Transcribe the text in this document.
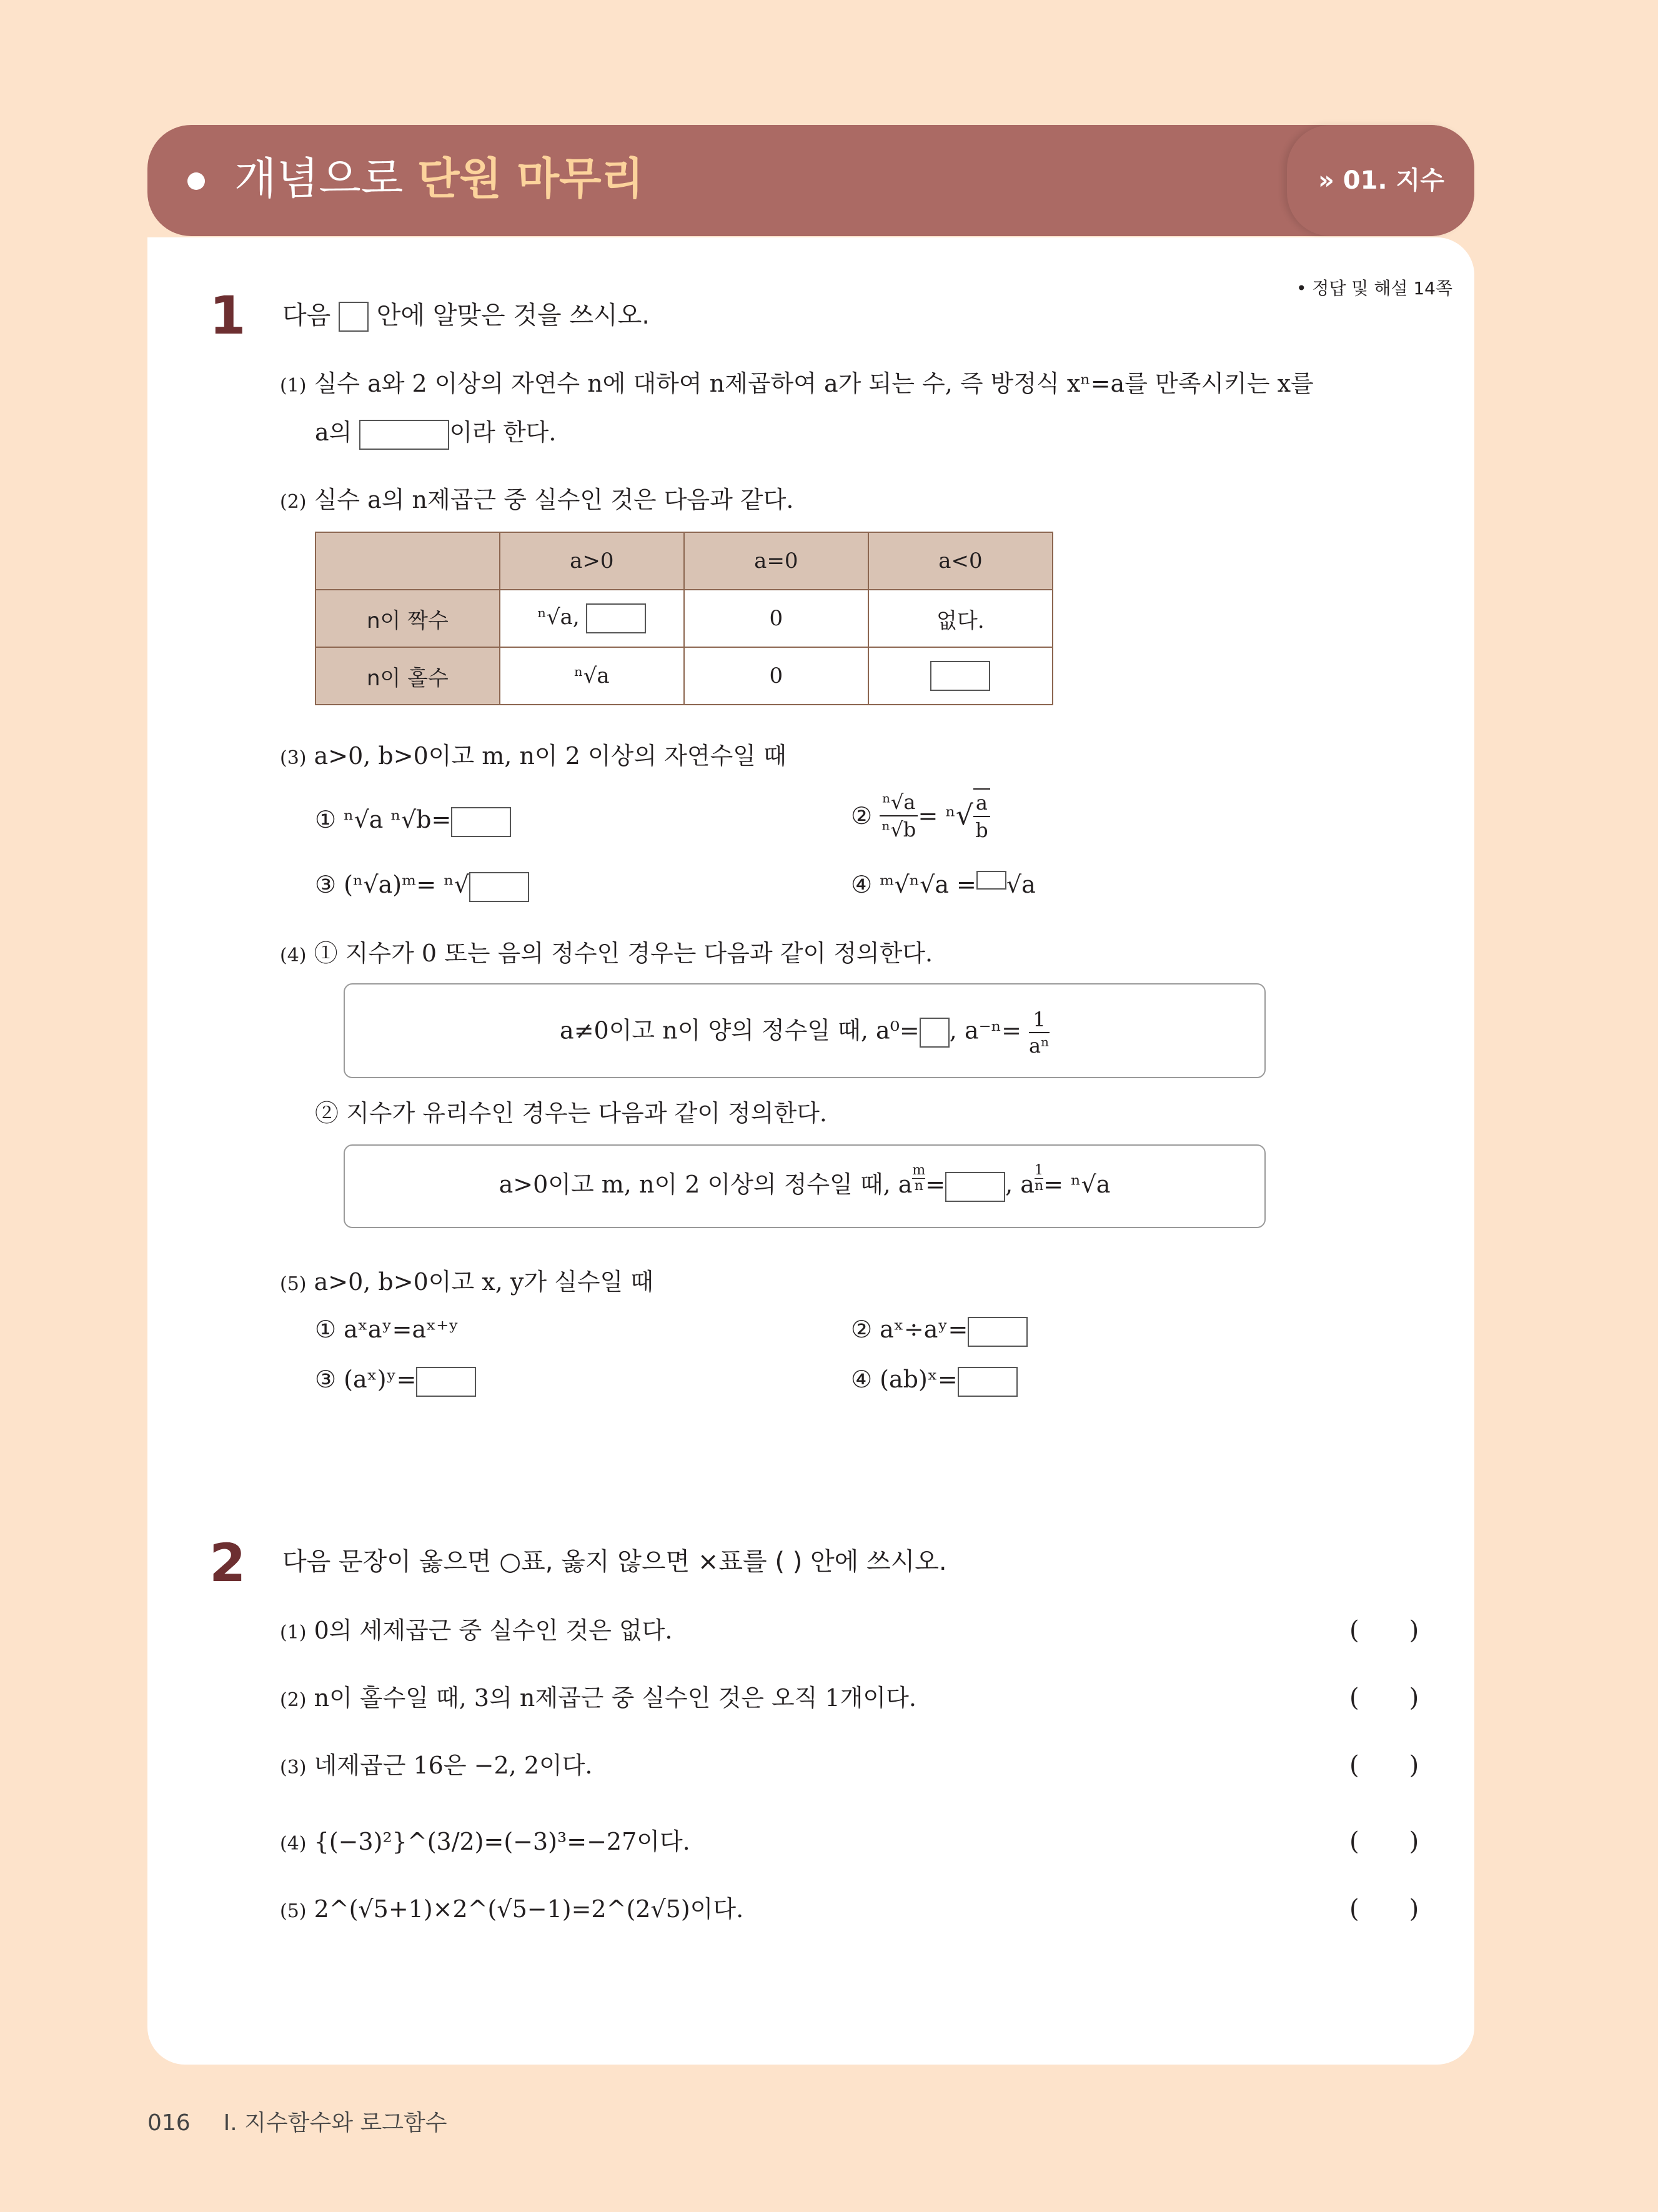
개념으로 단원 마무리	» 01. 지수
• 정답 및 해설 14쪽
1 다음 안에 알맞은 것을 쓰시오.
(1) 실수 a와 2 이상의 자연수 n에 대하여 n제곱하여 a가 되는 수, 즉 방정식 xⁿ=a를 만족시키는 x를
a의	이라 한다.
(2) 실수 a의 n제곱근 중 실수인 것은 다음과 같다.
	a>0	a=0	a<0
n이 짝수	ⁿ√a,	0	없다.
n이 홀수	ⁿ√a	0	
(3) a>0, b>0이고 m, n이 2 이상의 자연수일 때
① ⁿ√a ⁿ√b=	② $\frac{\text{ⁿ√a}}{\text{ⁿ√b}} = ^n√ \frac{a}{b}$
③ (ⁿ√a)ᵐ= ⁿ√	④ ᵐ√ⁿ√a = √a
(4) ① 지수가 0 또는 음의 정수인 경우는 다음과 같이 정의한다.
a≠0이고 n이 양의 정수일 때, a⁰= , $a^{-n}= \frac{1}{\text{aⁿ}}$
② 지수가 유리수인 경우는 다음과 같이 정의한다.
a>0이고 m, n이 2 이상의 정수일 때, a $\frac{m}{n}$ =	, a $\frac{1}{n} = ^n√a$
(5) a>0, b>0이고 x, y가 실수일 때
① aˣaʸ=aˣ⁺ʸ	② aˣ÷aʸ=
③ (aˣ)ʸ=	④ (ab)ˣ=
2 다음 문장이 옳으면 ○표, 옳지 않으면 ×표를 ( ) 안에 쓰시오.
(1) 0의 세제곱근 중 실수인 것은 없다.
(2) n이 홀수일 때, 3의 n제곱근 중 실수인 것은 오직 1개이다.
(3) 네제곱근 16은 −2, 2이다.
(4) {(−3)²}^(3/2)=(−3)³=−27이다.
(5) 2^(√5+1)×2^(√5−1)=2^(2√5)이다.
( )
( )
( )
( )
( )
016 I. 지수함수와 로그함수
